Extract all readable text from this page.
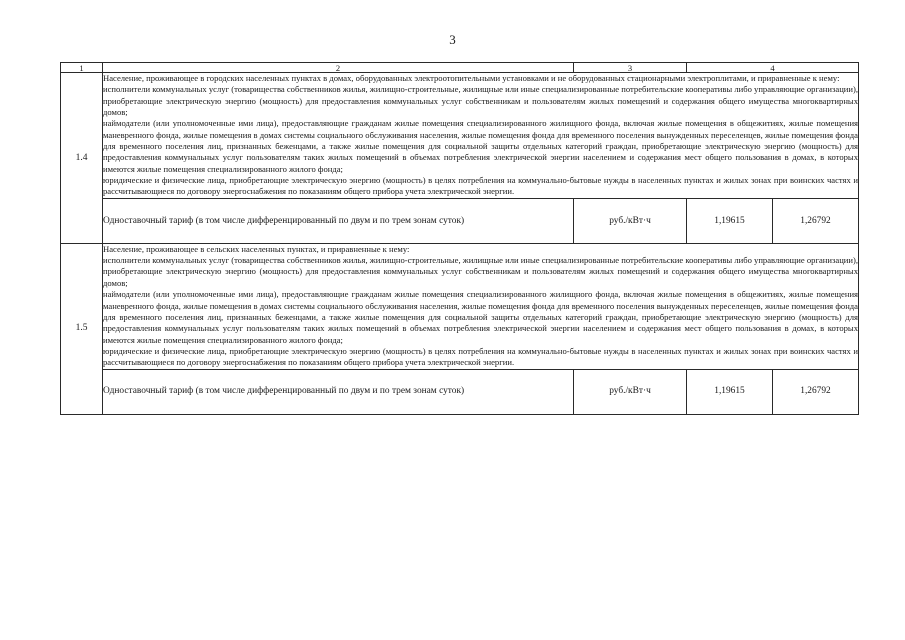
3
1	2	3	4
1.4	Население, проживающее в городских населенных пунктах в домах, оборудованных электроотопительными установками и не оборудованных стационарными электроплитами, и приравненные к нему:
исполнители коммунальных услуг (товарищества собственников жилья, жилищно-строительные, жилищные или иные специализированные потребительские кооперативы либо управляющие организации), приобретающие электрическую энергию (мощность) для предоставления коммунальных услуг собственникам и пользователям жилых помещений и содержания общего имущества многоквартирных домов;
наймодатели (или уполномоченные ими лица), предоставляющие гражданам жилые помещения специализированного жилищного фонда, включая жилые помещения в общежитиях, жилые помещения маневренного фонда, жилые помещения в домах системы социального обслуживания населения, жилые помещения фонда для временного поселения вынужденных переселенцев, жилые помещения фонда для временного поселения лиц, признанных беженцами, а также жилые помещения для социальной защиты отдельных категорий граждан, приобретающие электрическую энергию (мощность) для предоставления коммунальных услуг пользователям таких жилых помещений в объемах потребления электрической энергии населением и содержания мест общего пользования в домах, в которых имеются жилые помещения специализированного жилого фонда;
юридические и физические лица, приобретающие электрическую энергию (мощность) в целях потребления на коммунально-бытовые нужды в населенных пунктах и жилых зонах при воинских частях и рассчитывающиеся по договору энергоснабжения по показаниям общего прибора учета электрической энергии.		

	Одноставочный тариф (в том числе дифференцированный по двум и по трем зонам суток)	руб./кВт·ч	1,19615 1,26792

1.5	Население, проживающее в сельских населенных пунктах, и приравненные к нему:
исполнители коммунальных услуг (товарищества собственников жилья, жилищно-строительные, жилищные или иные специализированные потребительские кооперативы либо управляющие организации), приобретающие электрическую энергию (мощность) для предоставления коммунальных услуг собственникам и пользователям жилых помещений и содержания общего имущества многоквартирных домов;
наймодатели (или уполномоченные ими лица), предоставляющие гражданам жилые помещения специализированного жилищного фонда, включая жилые помещения в общежитиях, жилые помещения маневренного фонда, жилые помещения в домах системы социального обслуживания населения, жилые помещения фонда для временного поселения вынужденных переселенцев, жилые помещения фонда для временного поселения лиц, признанных беженцами, а также жилые помещения для социальной защиты отдельных категорий граждан, приобретающие электрическую энергию (мощность) для предоставления коммунальных услуг пользователям таких жилых помещений в объемах потребления электрической энергии населением и содержания мест общего пользования в домах, в которых имеются жилые помещения специализированного жилого фонда;
юридические и физические лица, приобретающие электрическую энергию (мощность) в целях потребления на коммунально-бытовые нужды в населенных пунктах и жилых зонах при воинских частях и рассчитывающиеся по договору энергоснабжения по показаниям общего прибора учета электрической энергии.		

	Одноставочный тариф (в том числе дифференцированный по двум и по трем зонам суток)	руб./кВт·ч	1,19615 1,26792
